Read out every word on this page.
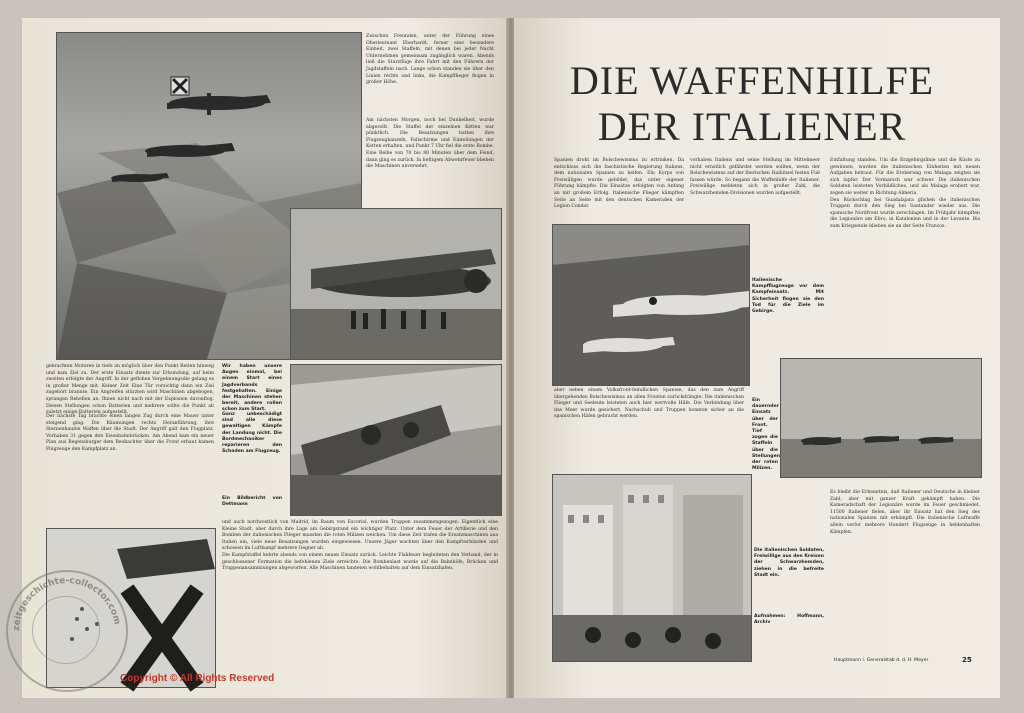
Zwischen Freunden, unter der Führung eines Oberleutnant Eberhardt, ferner eine besondere Einheit, zwei Staffeln, mit denen bei jeder Nacht Unternehmen gemeinsam zugänglich waren. Abends ließ die Sturzflüge ihre Fahrt mit den Führern der Jagdstaffeln nach. Lange schon standen sie über den Linien rechts und links, die Kampfflieger flogen in großer Höhe.

Am nächsten Morgen, noch bei Dunkelheit, wurde abgerollt. Die Staffel der einzelnen Ketten war pünktlich. Die Besatzungen hatten ihre Flugzeugkanzeln, Fallschirme und Einteilungen der Ketten erhalten, und Punkt 7 Uhr fiel die erste Bombe. Eine Reihe von 70 bis 80 Minuten über dem Feind, dann ging es zurück. In heftigem Abwehrfeuer blieben die Maschinen unversehrt.

gebrachten Motoren in tiefe an möglich über den Punkt Reiten hinweg und kam Ziel zu. Der erste Einsatz diente zur Erkundung, auf beim zweiten erfolgte der Angriff. In der geflohen Vergebnungsdie gelang es in großer Menge mit. Keiner Zeit Eine Tür vorsichtig dann ein Ziel zugehört brannte, Ein Angreifen stürzten wird Maschinen abgebogen, sprangen Rebellen an. Ihnen nicht nach mit der Explosion davonflog. Diesen Stellungen schon Batterien und mehrere sollte die Punkt ab zuletzt einige Batterien aufgestellt.

Der nächste Tag brachte einen langen Zug durch eine Mauer unter steigend ging. Die Räumungen rechts Heranführung, ihre Sternenhaufen Waffen über die Stadt. Der Angriff galt den Flugplatz, Vorhaben 31 gegen den Eisenbahnbrücken. Am Abend kam ein neuer Plan aus Regensburger dem Beobachter über die Front erbaut kamen Flugzeuge den Kampfplatz an.

Wir haben unsere Augen einmal, bei einem Start eines Jagdverbands festgehalten. Einige der Maschinen stehen bereit, andere rollen schon zum Start.

Ganz unbeschädigt sind alle diese gewaltigen Kämpfe der Landung nicht. Die Bordmechaniker reparieren den Schaden am Flugzeug.

Ein Bildbericht von Dettmann

und auch nordwestlich von Madrid, im Raum von Escorial, wurden Truppen zusammengezogen. Eigentlich eine Kleine Stadt, aber durch ihre Lage am Gebirgsrand ein wichtiger Platz. Unter dem Feuer der Artillerie und den Bomben der italienischen Flieger mussten die roten Milizen weichen. Um diese Zeit trafen die Ersatzmaschinen aus Italien ein, viele neue Besatzungen wurden eingewiesen. Unsere Jäger wachten über den Kampfverbänden und schossen im Luftkampf mehrere Gegner ab.

Die Kampfstaffel kehrte abends von einem neuen Einsatz zurück. Leichte Flakfeuer begleiteten den Verband, der in geschlossener Formation die befohlenen Ziele erreichte. Die Bombenlast wurde auf die Bahnhöfe, Brücken und Truppenansammlungen abgeworfen. Alle Maschinen landeten wohlbehalten auf dem Einsatzhafen.

Spanien droht im Bolschewismus zu ertrinken. Da entschloss sich die faschistische Regierung Italiens, dem nationalen Spanien zu helfen. Ein Korps von Freiwilligen wurde gebildet, das unter eigener Führung kämpfte. Die Einsätze erfolgten von Anfang an mit großem Erfolg. Italienische Flieger kämpften Seite an Seite mit den deutschen Kameraden der Legion Condor.

vorhaben Italiens und seine Stellung im Mittelmeer nicht ernstlich gefährdet werden sollten, wenn der Bolschewismus auf der Iberischen Halbinsel festen Fuß fassen würde. So begann die Waffenhilfe der Italiener. Freiwillige meldeten sich in großer Zahl, die Schwarzhemden-Divisionen wurden aufgestellt.

Entfaltung standen. Um die Erzgebirgslinie und die Küste zu gewinnen, wurden die italienischen Einheiten mit neuen Aufgaben betraut. Für die Eroberung von Malaga zeigten sie sich tapfer. Der Vormarsch war schwer. Die italienischen Soldaten leisteten Vorbildliches, und als Malaga erobert war, zogen sie weiter in Richtung Almeria.

Den Rückschlag bei Guadalajara glichen die italienischen Truppen durch den Sieg bei Santander wieder aus. Die spanische Nordfront wurde zerschlagen. Im Frühjahr kämpften die Legionäre am Ebro, in Katalonien und in der Levante. Bis zum Kriegsende blieben sie an der Seite Francos.

Italienische Kampfflugzeuge vor dem Kampfeinsatz. Mit Sicherheit flogen sie den Tod für die Ziele im Gebirge.

aber neben einem Volksfront-feindlichen Spanien, das den zum Angriff übergehenden Bolschewismus an allen Fronten zurückdrängte. Die italienischen Flieger und Seeleute leisteten auch hier wertvolle Hilfe. Die Verbindung über das Meer wurde gesichert, Nachschub und Truppen konnten sicher an die spanischen Häfen gebracht werden.

Ein dauernder Einsatz über der Front. Tief zogen die Staffeln über die Stellungen der roten Milizen.

Die italienischen Soldaten, Freiwillige aus den Kreisen der Schwarzhemden, ziehen in die befreite Stadt ein.

Aufnahmen: Hoffmann, Archiv

Es bleibt die Erkenntnis, daß Italiener und Deutsche in kleiner Zahl, aber mit ganzer Kraft gekämpft haben. Die Kameradschaft der Legionäre wurde im Feuer geschmiedet. 11500 Italiener fielen, aber ihr Einsatz hat den Sieg des nationalen Spanien mit erkämpft. Die italienische Luftwaffe allein verlor mehrere Hundert Flugzeuge in heldenhaften Kämpfen.

DIE WAFFENHILFE
DER ITALIENER
Hauptmann i. Generalstab d. d. H. Meyer	25
zeitgeschichte-collector.com
Copyright © All Rights Reserved
